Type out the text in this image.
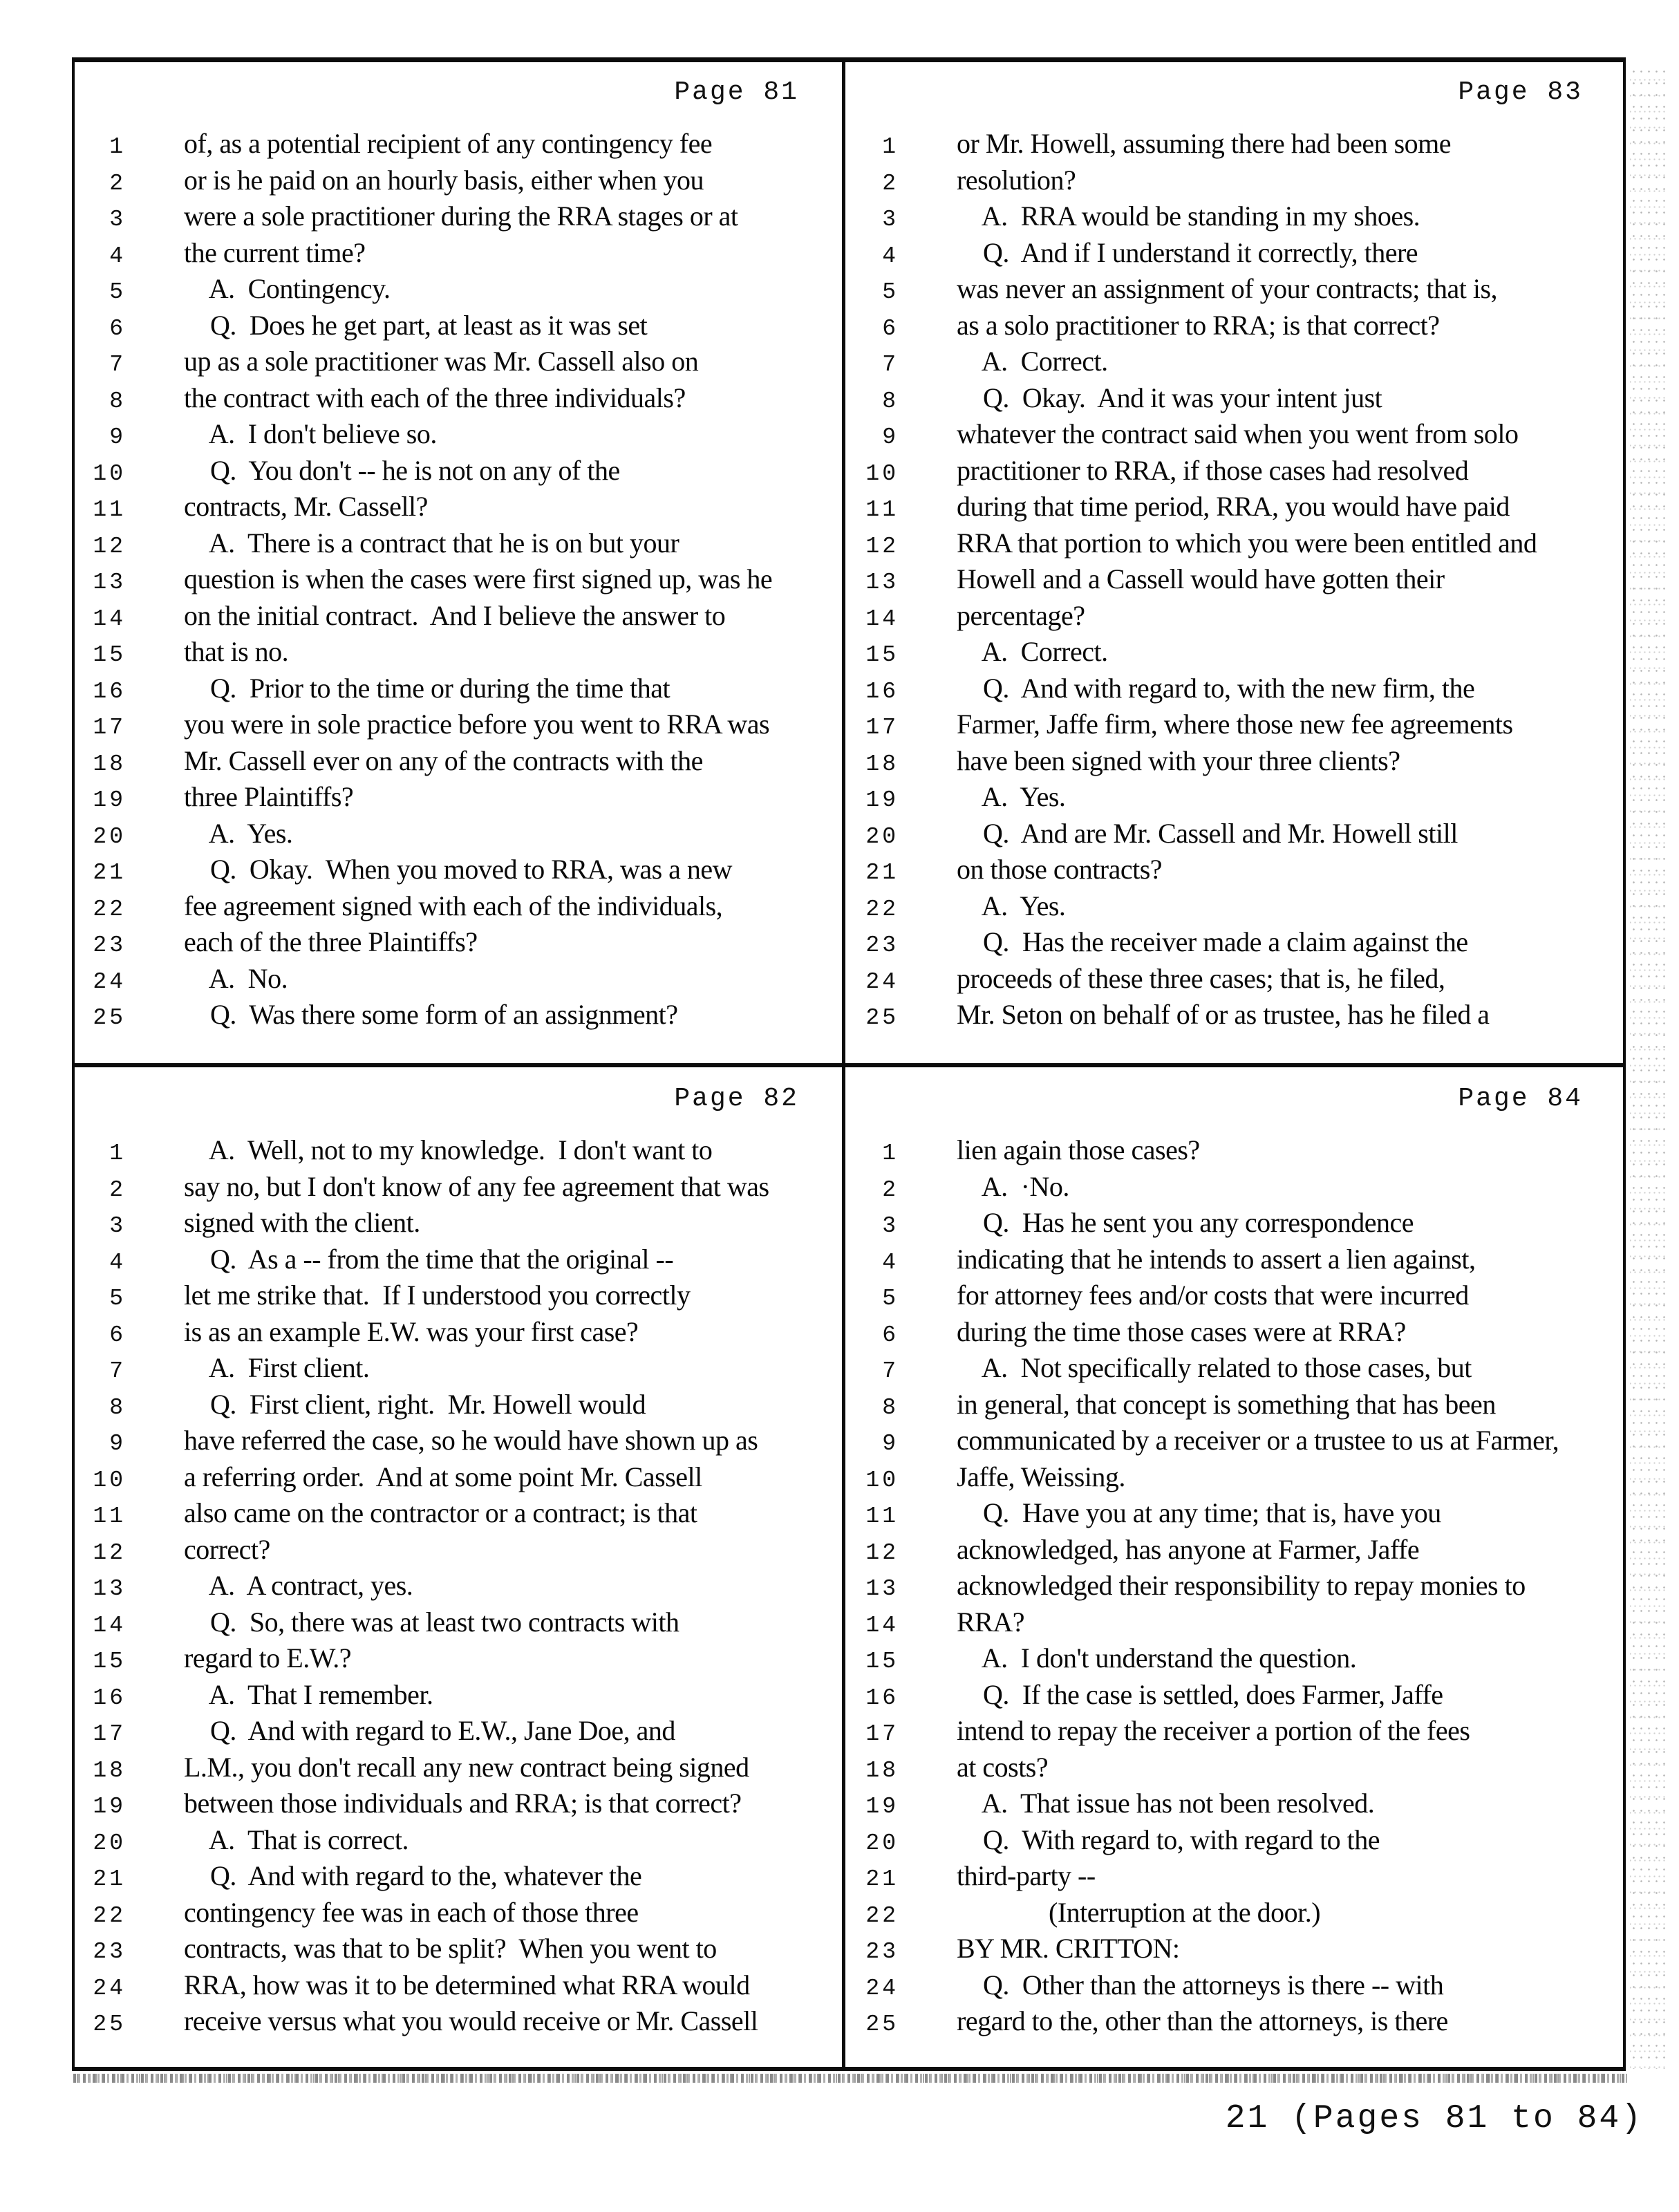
Page 81
1 of, as a potential recipient of any contingency fee
2 or is he paid on an hourly basis, either when you
3 were a sole practitioner during the RRA stages or at
4 the current time?
5    A.  Contingency.
6    Q.  Does he get part, at least as it was set
7 up as a sole practitioner was Mr. Cassell also on
8 the contract with each of the three individuals?
9    A.  I don't believe so.
10    Q.  You don't -- he is not on any of the
11 contracts, Mr. Cassell?
12    A.  There is a contract that he is on but your
13 question is when the cases were first signed up, was he
14 on the initial contract.  And I believe the answer to
15 that is no.
16    Q.  Prior to the time or during the time that
17 you were in sole practice before you went to RRA was
18 Mr. Cassell ever on any of the contracts with the
19 three Plaintiffs?
20    A.  Yes.
21    Q.  Okay.  When you moved to RRA, was a new
22 fee agreement signed with each of the individuals,
23 each of the three Plaintiffs?
24    A.  No.
25    Q.  Was there some form of an assignment?
Page 83
1 or Mr. Howell, assuming there had been some
2 resolution?
3    A.  RRA would be standing in my shoes.
4    Q.  And if I understand it correctly, there
5 was never an assignment of your contracts; that is,
6 as a solo practitioner to RRA; is that correct?
7    A.  Correct.
8    Q.  Okay.  And it was your intent just
9 whatever the contract said when you went from solo
10 practitioner to RRA, if those cases had resolved
11 during that time period, RRA, you would have paid
12 RRA that portion to which you were been entitled and
13 Howell and a Cassell would have gotten their
14 percentage?
15    A.  Correct.
16    Q.  And with regard to, with the new firm, the
17 Farmer, Jaffe firm, where those new fee agreements
18 have been signed with your three clients?
19    A.  Yes.
20    Q.  And are Mr. Cassell and Mr. Howell still
21 on those contracts?
22    A.  Yes.
23    Q.  Has the receiver made a claim against the
24 proceeds of these three cases; that is, he filed,
25 Mr. Seton on behalf of or as trustee, has he filed a
Page 82
1    A.  Well, not to my knowledge.  I don't want to
2 say no, but I don't know of any fee agreement that was
3 signed with the client.
4    Q.  As a -- from the time that the original --
5 let me strike that.  If I understood you correctly
6 is as an example E.W. was your first case?
7    A.  First client.
8    Q.  First client, right.  Mr. Howell would
9 have referred the case, so he would have shown up as
10 a referring order.  And at some point Mr. Cassell
11 also came on the contractor or a contract; is that
12 correct?
13    A.  A contract, yes.
14    Q.  So, there was at least two contracts with
15 regard to E.W.?
16    A.  That I remember.
17    Q.  And with regard to E.W., Jane Doe, and
18 L.M., you don't recall any new contract being signed
19 between those individuals and RRA; is that correct?
20    A.  That is correct.
21    Q.  And with regard to the, whatever the
22 contingency fee was in each of those three
23 contracts, was that to be split?  When you went to
24 RRA, how was it to be determined what RRA would
25 receive versus what you would receive or Mr. Cassell
Page 84
1 lien again those cases?
2    A.  ·No.
3    Q.  Has he sent you any correspondence
4 indicating that he intends to assert a lien against,
5 for attorney fees and/or costs that were incurred
6 during the time those cases were at RRA?
7    A.  Not specifically related to those cases, but
8 in general, that concept is something that has been
9 communicated by a receiver or a trustee to us at Farmer,
10 Jaffe, Weissing.
11    Q.  Have you at any time; that is, have you
12 acknowledged, has anyone at Farmer, Jaffe
13 acknowledged their responsibility to repay monies to
14 RRA?
15    A.  I don't understand the question.
16    Q.  If the case is settled, does Farmer, Jaffe
17 intend to repay the receiver a portion of the fees
18 at costs?
19    A.  That issue has not been resolved.
20    Q.  With regard to, with regard to the
21 third-party --
22              (Interruption at the door.)
23 BY MR. CRITTON:
24    Q.  Other than the attorneys is there -- with
25 regard to the, other than the attorneys, is there
21 (Pages 81 to 84)
